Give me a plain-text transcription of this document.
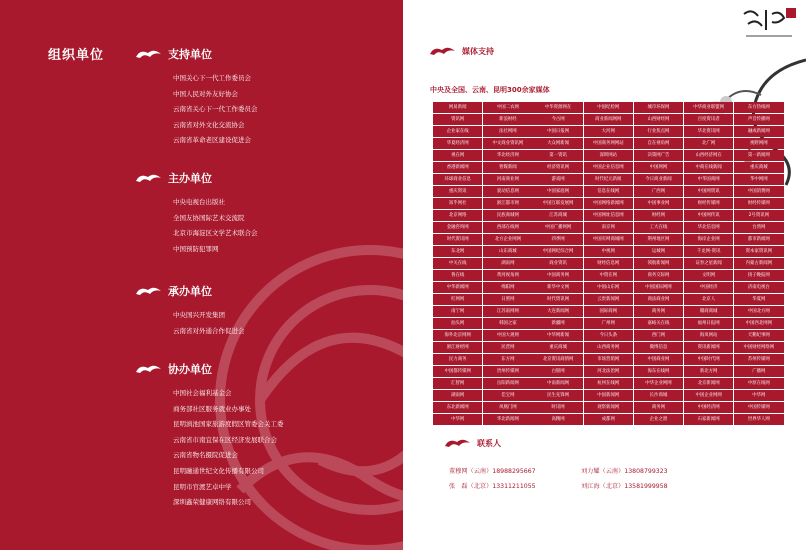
组织单位	支持单位
中国关心下一代工作委员会
中国人民对外友好协会
云南省关心下一代工作委员会
云南省对外文化交流协会
云南省革命老区建设促进会
主办单位
中央电视台出版社
全国友协国际艺术交流院
北京市海淀区文学艺术联合会
中国预防犯罪网
承办单位
中央国兴开发集团
云南省对外通合作促进会
协办单位
中国社会福利基金会
商务部社区服务就业办事处
昆明滇池国家旅游度假区管委会关工委
云南省市南宜保在区经济发展联合会
云南省物名摄院促进会
昆明融通世纪文化传播有限公司
昆明市官渡艺卓中学
深圳鑫荣健康网络有限公司
媒体支持
中央及全国、云南、昆明300余家媒体
网易新闻	中国二农网	中华资源网在	中国纪检网	城市环保网	中华商业联盟网	东方热线网
资讯网	新浪财经	今古网	商业新闻网网	山西财经网	百度资讯者	声音传播网
企业家在线	法社网网	中国日报网	大河网	行业焦点网	华北资讯网	融成新闻网
华夏经济网	中文商业资讯网	大众网新闻	中国商务网网站	自在视角网	北广网	视野网网
视在网	华北经济网	第一资讯	深圳网站	决策网广告	山西经济网在	第一新闻网
香港新闻网	智媒新闻	经济资讯网	中国企业信息网	中国网网	中商在线新闻	重庆商城
环球商业信息	河南商业网	游戏网	时代纪元新闻	今日商业新闻	中华国商网	华中网网
重庆资讯	爱动信息网	中国家庭网	信息在线网	广西网	中国网资讯	中国消费网
知乎网社	浙江都市网	中国互联发展网	中国网络新闻网	中国事业网	财经传媒网	财经传媒网
北京网络	民族商城网	江苏商城	中国网址信息网	财经网	中国网传讯	2号资讯网
金融咨询网	西部在线网	中国广播网网	南京网	工大在线	华北信息网	台湾网
时代资讯网	北方企业网网	四季网	中国有网商城网	荆州地区网	海岸企业网	都市新闻网
东北网	山东商城	中国网纪综合网	中视网	运城网	千龙网-资讯	资本家资讯网
中关在线	湖南网	商业资讯	财经信息网	领航新闻网	证券之星新闻	内蒙古新闻网
鲁在线	黄河视角网	中国商务网	中资在网	商务交际网	文明网	扬子晚报网
中华新闻网	绵阳网	新华中文网	中国山东网	中国国际网网	中国经济	济南电视台
红网网	日照网	时代资讯网	云贵新闻网	商法商业网	北京人	华夏网
南宁网	江苏南网网	大连新闻网	国际商网	商务网	赣商商城	中国北方网
汕头网	韩国之家	新疆网	广州网	嘉峪关在线	福州日报网	中国西北网网
海外北京网网	中国大观网	中华网新闻	今日头条	西门网	海岚网站	天鹅纪事网
浙江财经网	民营网	重庆商城	山西商务网	微博信息	资讯新闻网	中国财经网络网
民力商务	东方网	北京资讯商情网	市场营销网	中国商业网	中国时代网	苏州传媒网
中国都传媒网	贵州传媒网	白银网	河北法治网	海东在线网	新北方网	广播网
汇智网	岳阳新闻网	中南新闻网	杭州在线网	中华企业网网	北京新闻网	中原在线网
湖南网	佳宝网	民生先锋网	中国新闻网	长沙商城	中国企业网网	中华网
东北新闻网	凤凰门网	时讯网	观察新闻网	商务网	中国经济网	中国传媒网
中华网	华北新闻网	高精网	成都网	企业之窗	石家新闻网	世界华人网
联系人
董穆网（云南）18988295667	刘力耀（云南）13808799323
张　磊（北京）13311211055	刘江海（北京）13581999958
